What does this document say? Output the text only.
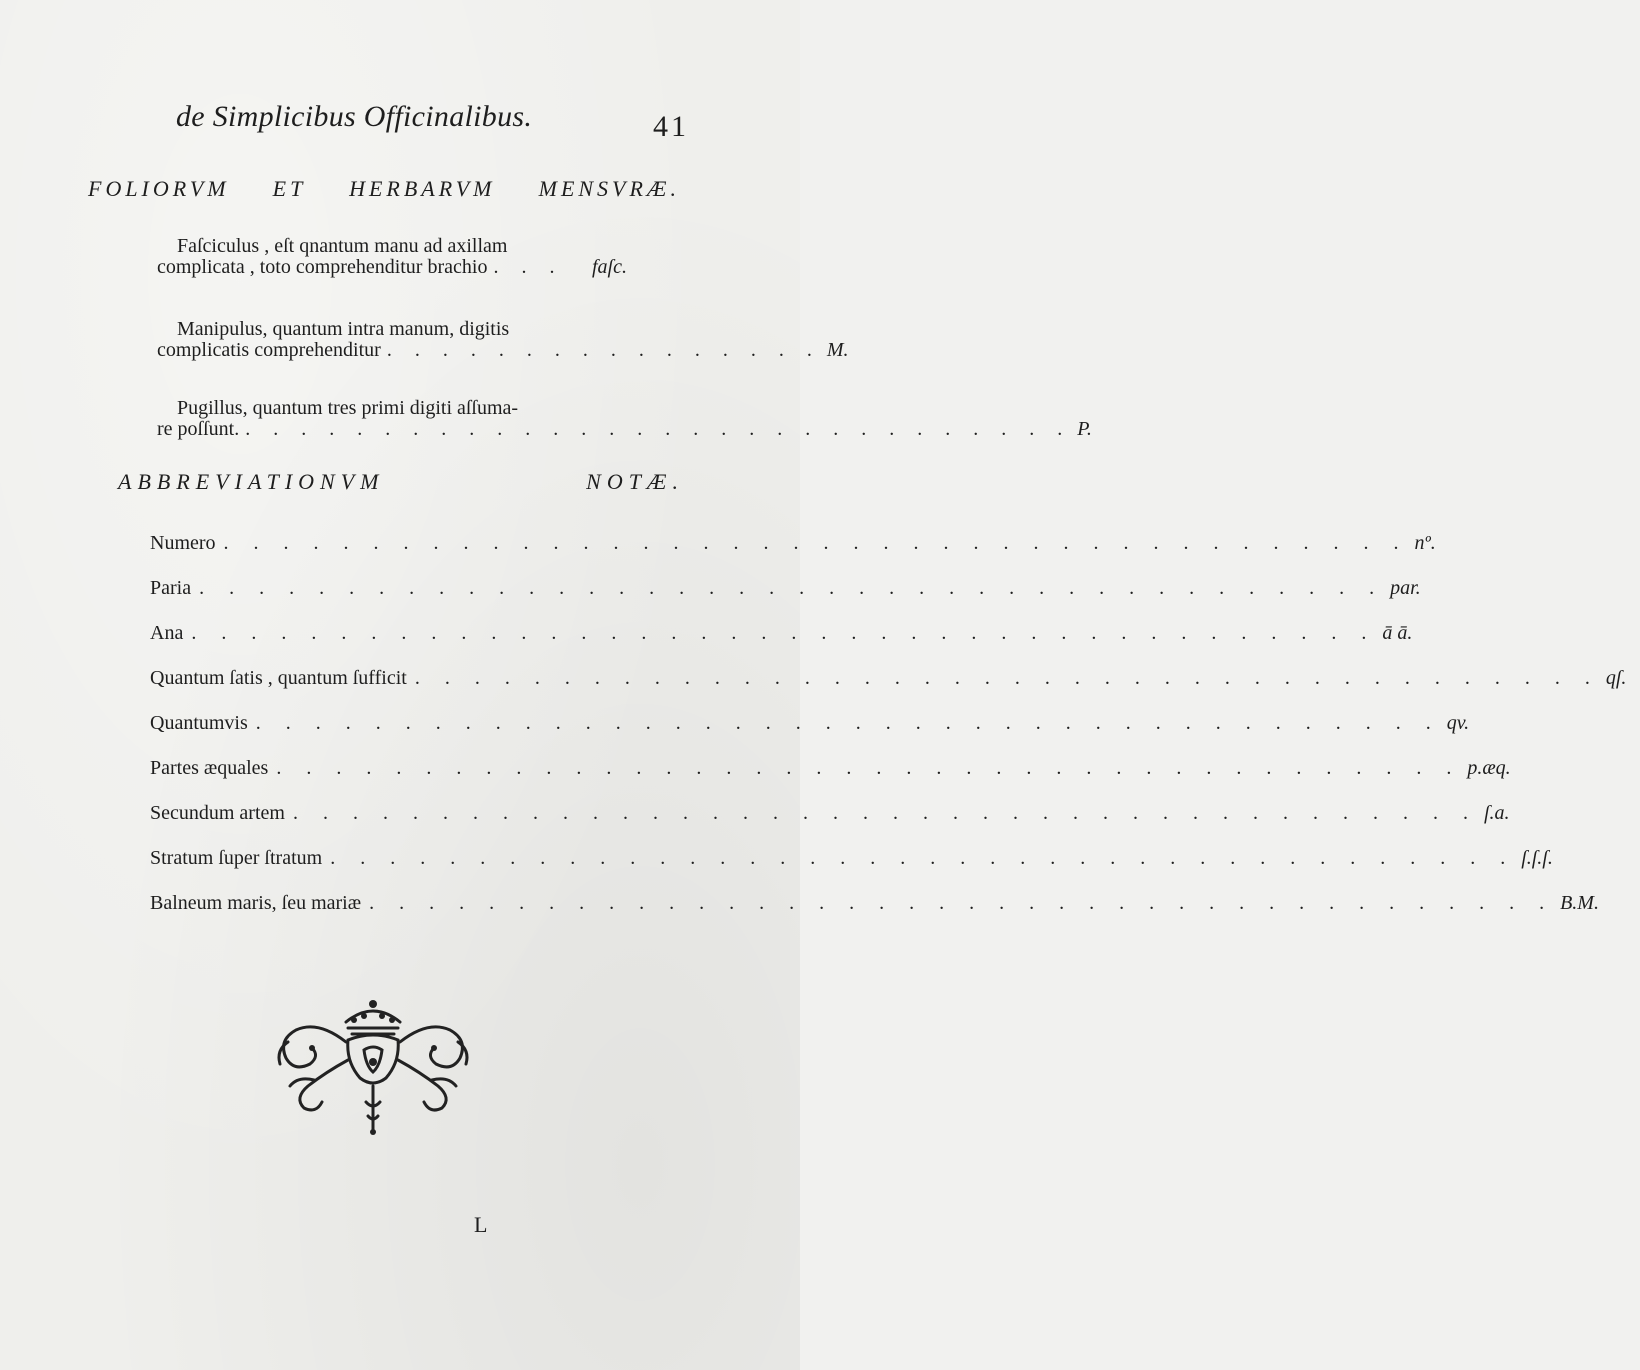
de Simplicibus Officinalibus.	41
FOLIORVM ET HERBARVM MENSVRÆ.
Faſciculus , eſt qnantum manu ad axillam
complicata , toto comprehenditur brachio . . .	faſc.
Manipulus, quantum intra manum, digitis
complicatis comprehenditur . . . . . . . . . . . . . . . . M.
Pugillus, quantum tres primi digiti aſſuma-
re poſſunt. . . . . . . . . . . . . . . . . . . . . . . . . . . . . . . P.
ABBREVIATIONVM NOTÆ.
Numero . . . . . . . . . . . . . . . . . . . . . . . . . . . . . . . . . . . . . . . . nº.
Paria . . . . . . . . . . . . . . . . . . . . . . . . . . . . . . . . . . . . . . . . par.
Ana . . . . . . . . . . . . . . . . . . . . . . . . . . . . . . . . . . . . . . . . ā ā.
Quantum ſatis , quantum ſufficit . . . . . . . . . . . . . . . . . . . . . . . . . . . . . . . . . . . . . . . . qſ.
Quantumvis . . . . . . . . . . . . . . . . . . . . . . . . . . . . . . . . . . . . . . . . qv.
Partes æquales . . . . . . . . . . . . . . . . . . . . . . . . . . . . . . . . . . . . . . . . p.æq.
Secundum artem . . . . . . . . . . . . . . . . . . . . . . . . . . . . . . . . . . . . . . . . ſ.a.
Stratum ſuper ſtratum . . . . . . . . . . . . . . . . . . . . . . . . . . . . . . . . . . . . . . . . ſ.ſ.ſ.
Balneum maris, ſeu mariæ . . . . . . . . . . . . . . . . . . . . . . . . . . . . . . . . . . . . . . . . B.M.
L
